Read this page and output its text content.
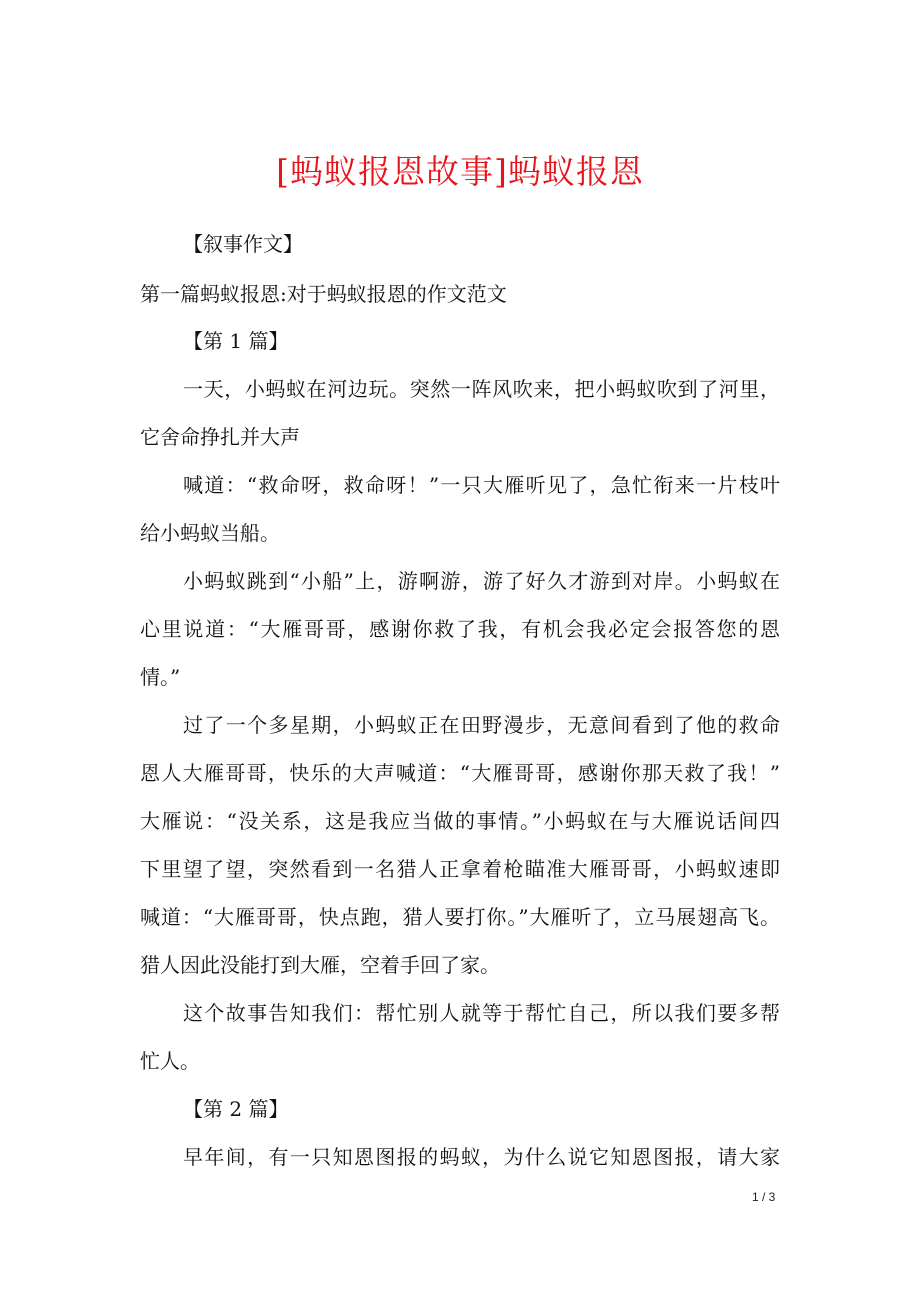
[蚂蚁报恩故事]蚂蚁报恩
【叙事作文】
第一篇蚂蚁报恩:对于蚂蚁报恩的作文范文
【第 1 篇】
一天，小蚂蚁在河边玩。突然一阵风吹来，把小蚂蚁吹到了河里，
它舍命挣扎并大声
喊道：“救命呀，救命呀！”一只大雁听见了，急忙衔来一片枝叶
给小蚂蚁当船。
小蚂蚁跳到“小船”上，游啊游，游了好久才游到对岸。小蚂蚁在
心里说道：“大雁哥哥，感谢你救了我，有机会我必定会报答您的恩
情。”
过了一个多星期，小蚂蚁正在田野漫步，无意间看到了他的救命
恩人大雁哥哥，快乐的大声喊道：“大雁哥哥，感谢你那天救了我！”
大雁说：“没关系，这是我应当做的事情。”小蚂蚁在与大雁说话间四
下里望了望，突然看到一名猎人正拿着枪瞄准大雁哥哥，小蚂蚁速即
喊道：“大雁哥哥，快点跑，猎人要打你。”大雁听了，立马展翅高飞。
猎人因此没能打到大雁，空着手回了家。
这个故事告知我们：帮忙别人就等于帮忙自己，所以我们要多帮
忙人。
【第 2 篇】
早年间，有一只知恩图报的蚂蚁，为什么说它知恩图报，请大家
1 / 3
